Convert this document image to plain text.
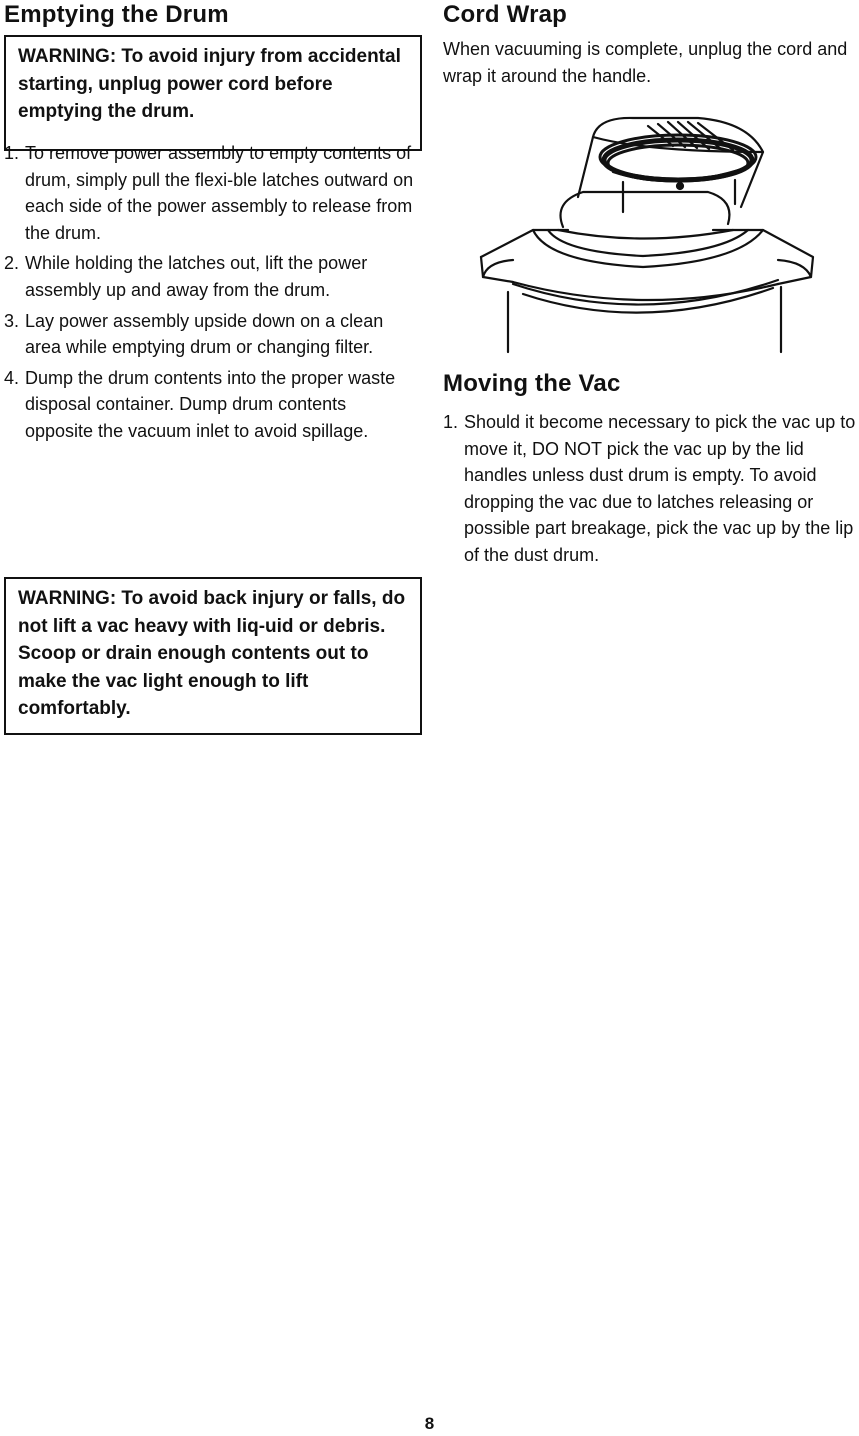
Emptying the Drum
WARNING: To avoid injury from accidental starting, unplug power cord before emptying the drum.
1. To remove power assembly to empty contents of drum, simply pull the flexi-ble latches outward on each side of the power assembly to release from the drum.
2. While holding the latches out, lift the power assembly up and away from the drum.
3. Lay power assembly upside down on a clean area while emptying drum or changing filter.
4. Dump the drum contents into the proper waste disposal container. Dump drum contents opposite the vacuum inlet to avoid spillage.
WARNING: To avoid back injury or falls, do not lift a vac heavy with liq-uid or debris. Scoop or drain enough contents out to make the vac light enough to lift comfortably.
Cord Wrap

When vacuuming is complete, unplug the cord and wrap it around the handle.

Moving the Vac
1. Should it become necessary to pick the vac up to move it, DO NOT pick the vac up by the lid handles unless dust drum is empty. To avoid dropping the vac due to latches releasing or possible part breakage, pick the vac up by the lip of the dust drum.
8
